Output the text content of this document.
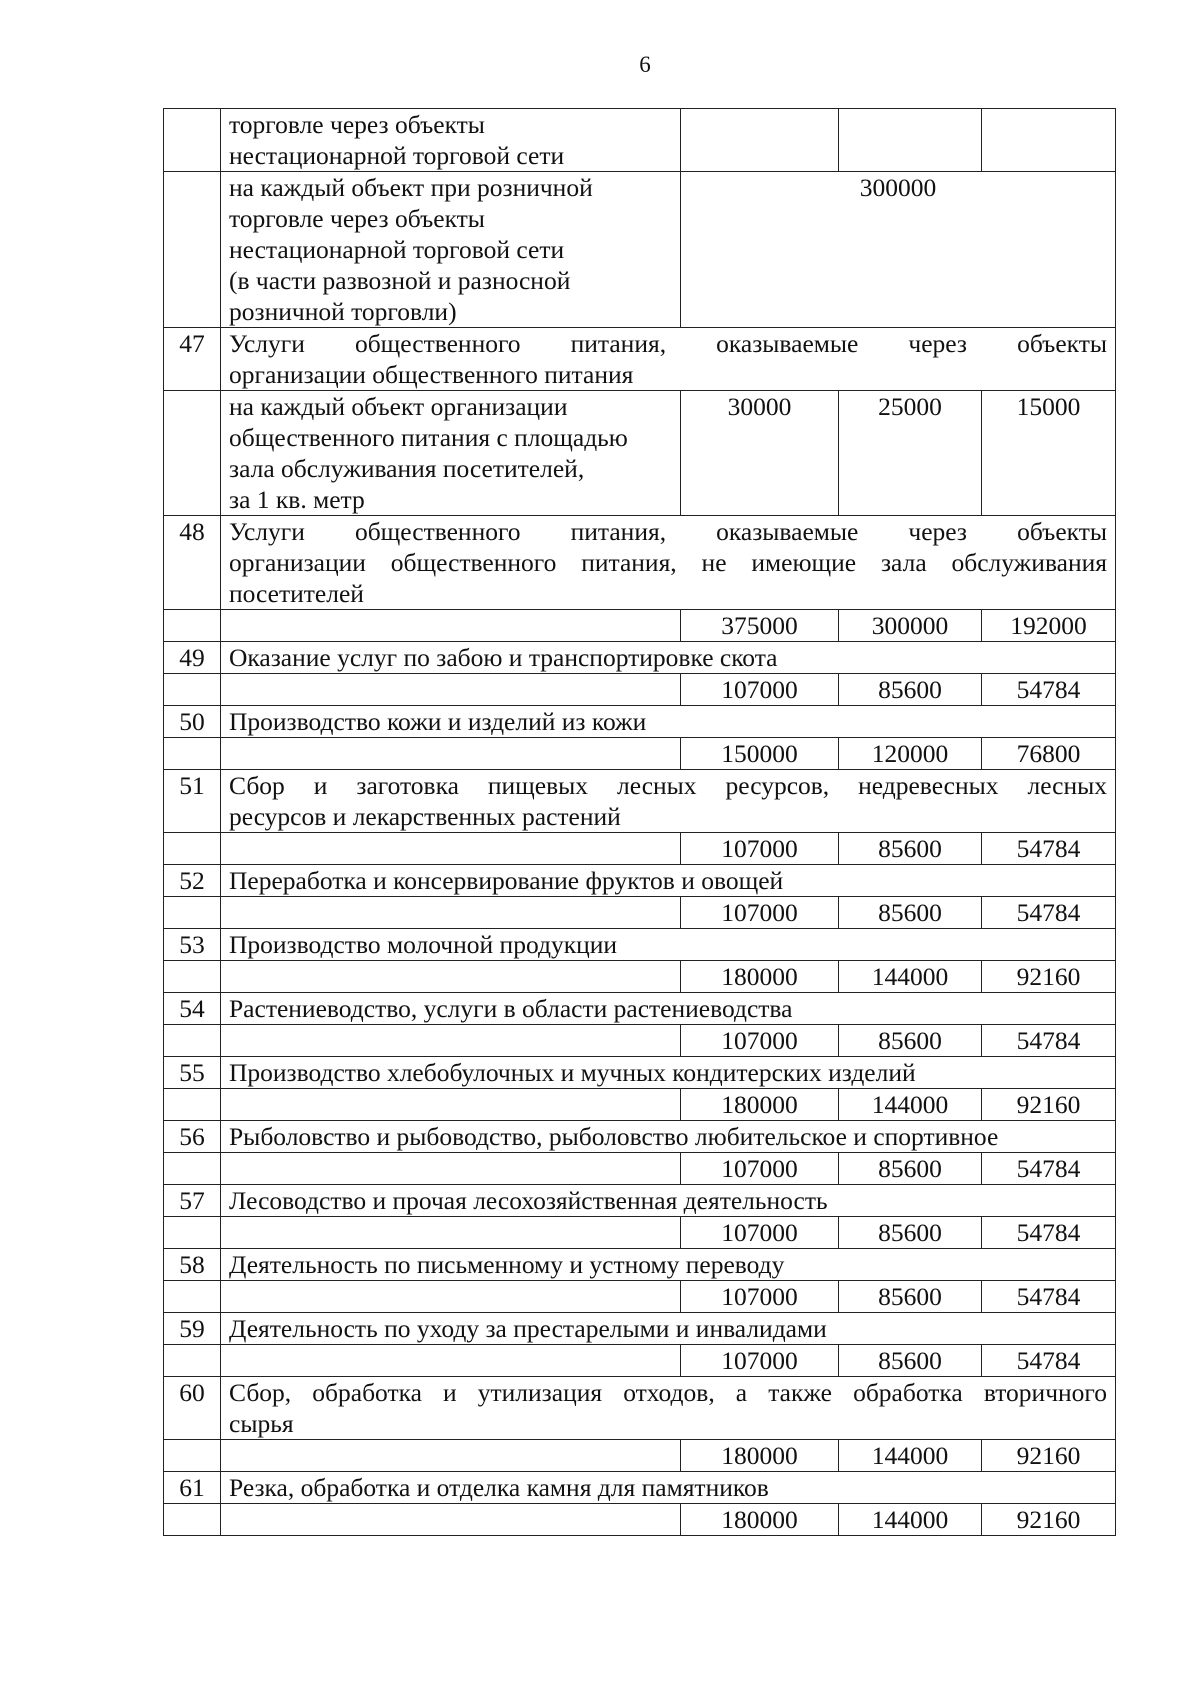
6

	торговле через объекты
нестационарной торговой сети			

	на каждый объект при розничной
торговле через объекты
нестационарной торговой сети
(в части развозной и разносной
розничной торговли)	300000		
47	Услуги общественного питания, оказываемые через объекты
организации общественного питания			

	на каждый объект организации
общественного питания с площадью
зала обслуживания посетителей,
за 1 кв. метр	30000	25000	15000
48	Услуги общественного питания, оказываемые через объекты
организации общественного питания, не имеющие зала обслуживания
посетителей			

		375000	300000	192000
49	Оказание услуг по забою и транспортировке скота			
		107000	85600	54784
50	Производство кожи и изделий из кожи			
		150000	120000	76800
51	Сбор и заготовка пищевых лесных ресурсов, недревесных лесных
ресурсов и лекарственных растений			

		107000	85600	54784
52	Переработка и консервирование фруктов и овощей			
		107000	85600	54784
53	Производство молочной продукции			
		180000	144000	92160
54	Растениеводство, услуги в области растениеводства			
		107000	85600	54784
55	Производство хлебобулочных и мучных кондитерских изделий			
		180000	144000	92160
56	Рыболовство и рыбоводство, рыболовство любительское и спортивное			
		107000	85600	54784
57	Лесоводство и прочая лесохозяйственная деятельность			
		107000	85600	54784
58	Деятельность по письменному и устному переводу			
		107000	85600	54784
59	Деятельность по уходу за престарелыми и инвалидами			
		107000	85600	54784
60	Сбор, обработка и утилизация отходов, а также обработка вторичного
сырья			

		180000	144000	92160
61	Резка, обработка и отделка камня для памятников			
		180000	144000	92160
